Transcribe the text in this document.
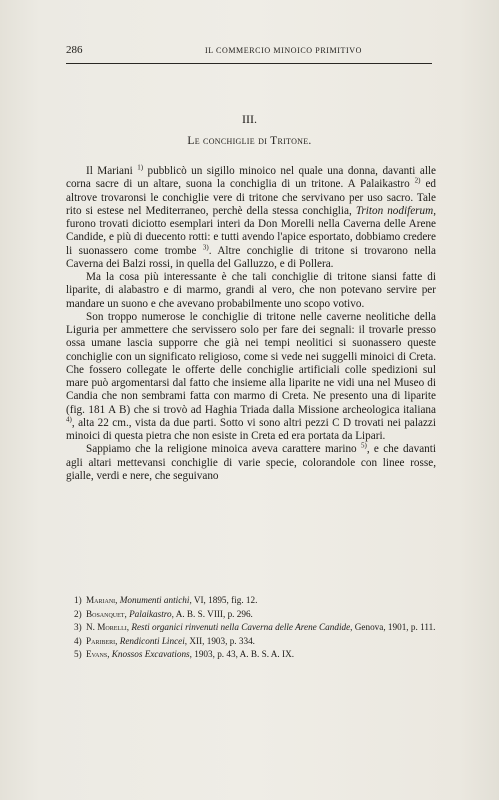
286	IL COMMERCIO MINOICO PRIMITIVO
III.
Le conchiglie di Tritone.

Il Mariani $^{1)}$ pubblicò un sigillo minoico nel quale una donna, davanti alle corna sacre di un altare, suona la conchiglia di un tritone. A Palaikastro $^{2)}$ ed altrove trovaronsi le conchiglie vere di tritone che servivano per uso sacro. Tale rito si estese nel Mediterraneo, perchè della stessa conchiglia, Triton nodiferum, furono trovati diciotto esemplari interi da Don Morelli nella Caverna delle Arene Candide, e più di duecento rotti: e tutti avendo l'apice esportato, dobbiamo credere li suonassero come trombe $^{3)}$. Altre conchiglie di tritone si trovarono nella Caverna dei Balzi rossi, in quella del Galluzzo, e di Pollera.

Ma la cosa più interessante è che tali conchiglie di tritone siansi fatte di liparite, di alabastro e di marmo, grandi al vero, che non potevano servire per mandare un suono e che avevano probabilmente uno scopo votivo.

Son troppo numerose le conchiglie di tritone nelle caverne neolitiche della Liguria per ammettere che servissero solo per fare dei segnali: il trovarle presso ossa umane lascia supporre che già nei tempi neolitici si suonassero queste conchiglie con un significato religioso, come si vede nei suggelli minoici di Creta. Che fossero collegate le offerte delle conchiglie artificiali colle spedizioni sul mare può argomentarsi dal fatto che insieme alla liparite ne vidi una nel Museo di Candia che non sembrami fatta con marmo di Creta. Ne presento una di liparite (fig. 181 A B) che si trovò ad Haghia Triada dalla Missione archeologica italiana $^{4)}$, alta 22 cm., vista da due parti. Sotto vi sono altri pezzi C D trovati nei palazzi minoici di questa pietra che non esiste in Creta ed era portata da Lipari.

Sappiamo che la religione minoica aveva carattere marino $^{5)}$, e che davanti agli altari mettevansi conchiglie di varie specie, colorandole con linee rosse, gialle, verdi e nere, che seguivano

1) Mariani, Monumenti antichi, VI, 1895, fig. 12.
2) Bosanquet, Palaikastro, A. B. S. VIII, p. 296.
3) N. Morelli, Resti organici rinvenuti nella Caverna delle Arene Candide, Genova, 1901, p. 111.
4) Pariberi, Rendiconti Lincei, XII, 1903, p. 334.
5) Evans, Knossos Excavations, 1903, p. 43, A. B. S. A. IX.
